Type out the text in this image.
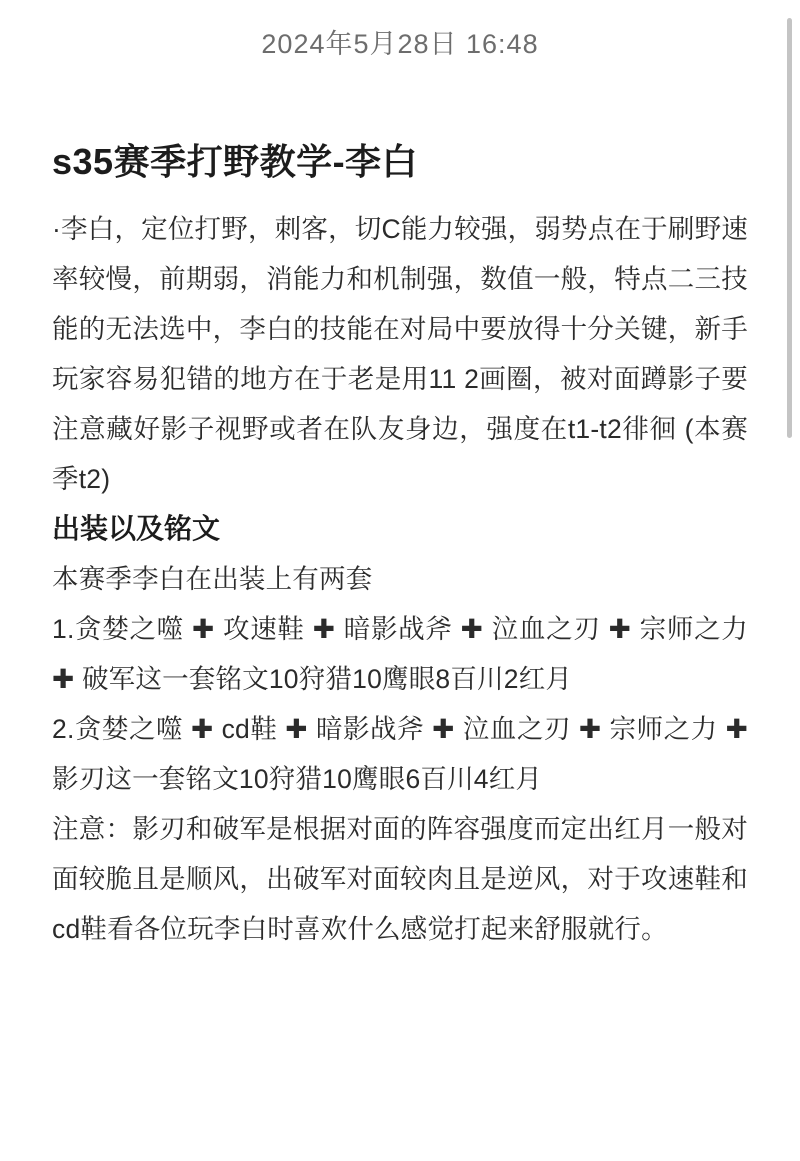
2024年5月28日 16:48
s35赛季打野教学-李白

·李白，定位打野，刺客，切C能力较强，弱势点在于刷野速率较慢，前期弱，消能力和机制强，数值一般，特点二三技能的无法选中，李白的技能在对局中要放得十分关键，新手玩家容易犯错的地方在于老是用11 2画圈，被对面蹲影子要注意藏好影子视野或者在队友身边，强度在t1-t2徘徊 (本赛季t2)

出装以及铭文

本赛季李白在出装上有两套

1.贪婪之噬 ✚ 攻速鞋 ✚ 暗影战斧 ✚ 泣血之刃 ✚ 宗师之力 ✚ 破军这一套铭文10狩猎10鹰眼8百川2红月

2.贪婪之噬 ✚ cd鞋 ✚ 暗影战斧 ✚ 泣血之刃 ✚ 宗师之力 ✚ 影刃这一套铭文10狩猎10鹰眼6百川4红月

注意：影刃和破军是根据对面的阵容强度而定出红月一般对面较脆且是顺风，出破军对面较肉且是逆风，对于攻速鞋和cd鞋看各位玩李白时喜欢什么感觉打起来舒服就行。
